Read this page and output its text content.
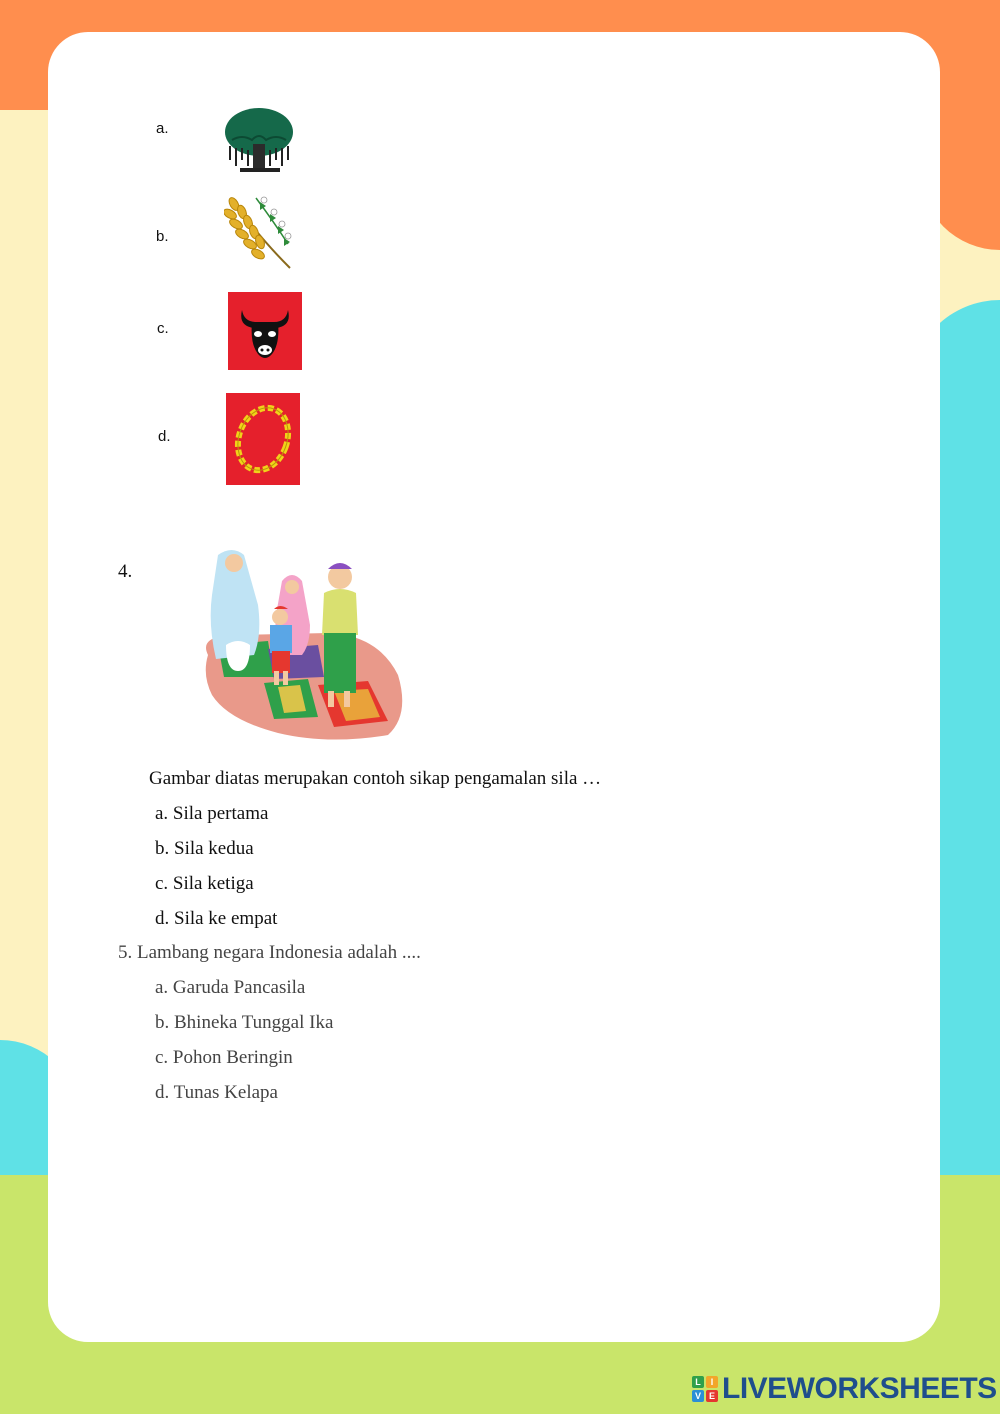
a.
b.
c.
d.
4.
Gambar diatas merupakan contoh sikap pengamalan sila …
a. Sila pertama
b. Sila kedua
c. Sila ketiga
d. Sila ke empat
5. Lambang negara Indonesia adalah ....
a. Garuda Pancasila
b. Bhineka Tunggal Ika
c. Pohon Beringin
d. Tunas Kelapa
L	I
V E LIVEWORKSHEETS
